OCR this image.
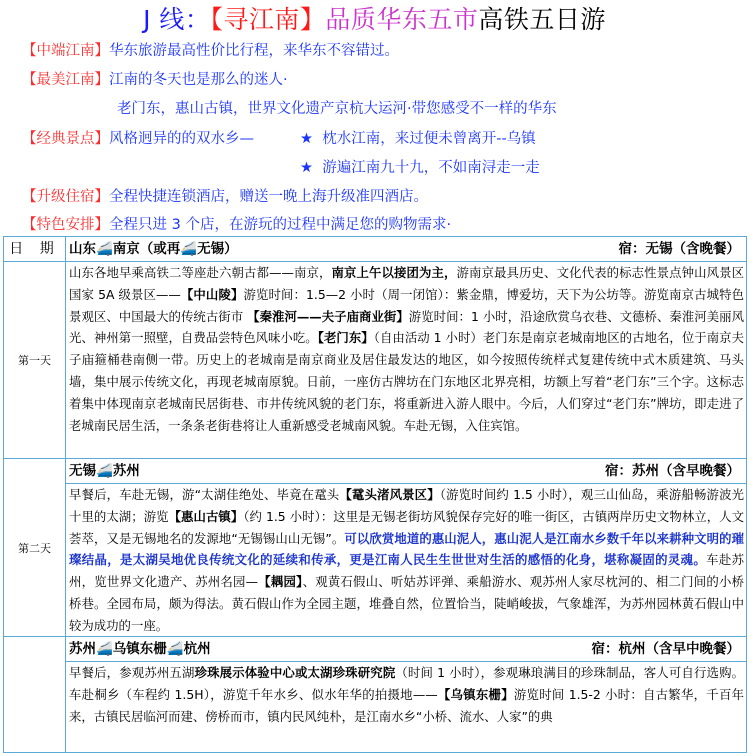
J 线：【寻江南】品质华东五市高铁五日游
【中端江南】华东旅游最高性价比行程，来华东不容错过。
【最美江南】江南的冬天也是那么的迷人·
老门东，惠山古镇，世界文化遗产京杭大运河·带您感受不一样的华东
【经典景点】风格迥异的的双水乡—	★ 枕水江南，来过便未曾离开--乌镇
★ 游遍江南九十九，不如南浔走一走
【升级住宿】全程快捷连锁酒店，赠送一晚上海升级准四酒店。
【特色安排】全程只进 3 个店，在游玩的过程中满足您的购物需求·
日 期	山东🚄南京（或再🚄无锡） 宿：无锡（含晚餐）

第一天	山东各地早乘高铁二等座赴六朝古都——南京，南京上午以接团为主，游南京最具历史、文化代表的标志性景点钟山风景区国家 5A 级景区——【中山陵】游览时间：1.5—2 小时（周一闭馆）：紫金鼎，博爱坊，天下为公坊等。游览南京古城特色景观区、中国最大的传统古街市 【秦淮河——夫子庙商业街】游览时间：1 小时，沿途欣赏乌衣巷、文德桥、秦淮河美丽风光、神州第一照壁，自费品尝特色风味小吃。【老门东】（自由活动 1 小时）老门东是南京老城南地区的古地名，位于南京夫子庙箍桶巷南侧一带。历史上的老城南是南京商业及居住最发达的地区，如今按照传统样式复建传统中式木质建筑、马头墙，集中展示传统文化，再现老城南原貌。日前，一座仿古牌坊在门东地区北界亮相，坊额上写着“老门东”三个字。这标志着集中体现南京老城南民居街巷、市井传统风貌的老门东，将重新进入游人眼中。今后，人们穿过“老门东”牌坊，即走进了老城南民居生活，一条条老街巷将让人重新感受老城南风貌。车赴无锡，入住宾馆。

第二天	无锡🚄苏州 宿：苏州（含早晚餐）

	早餐后，车赴无锡，游“太湖佳绝处、毕竟在鼋头【鼋头渚风景区】（游览时间约 1.5 小时），观三山仙岛，乘游船畅游波光十里的太湖；游览【惠山古镇】（约 1.5 小时）：这里是无锡老街坊风貌保存完好的唯一街区，古镇两岸历史文物林立，人文荟萃，又是无锡地名的发源地“无锡锡山山无锡”。可以欣赏地道的惠山泥人，惠山泥人是江南水乡数千年以来耕种文明的璀璨结晶，是太湖吴地优良传统文化的延续和传承，更是江南人民生生世世对生活的感悟的化身，堪称凝固的灵魂。车赴苏州，览世界文化遗产、苏州名园—【耦园】、观黄石假山、听姑苏评弹、乘船游水、观苏州人家尽枕河的、相二门间的小桥桥巷。全园布局，颇为得法。黄石假山作为全园主题，堆叠自然，位置恰当，陡峭峻拔，气象雄浑，为苏州园林黄石假山中较为成功的一座。

	苏州🚄乌镇东栅🚄杭州 宿：杭州（含早中晚餐）

	早餐后，参观苏州五湖珍珠展示体验中心或太湖珍珠研究院（时间 1 小时），参观琳琅满目的珍珠制品，客人可自行选购。车赴桐乡（车程约 1.5H），游览千年水乡、似水年华的拍摄地——【乌镇东栅】游览时间 1.5-2 小时：自古繁华，千百年来，古镇民居临河而建、傍桥而市，镇内民风纯朴，是江南水乡“小桥、流水、人家”的典
